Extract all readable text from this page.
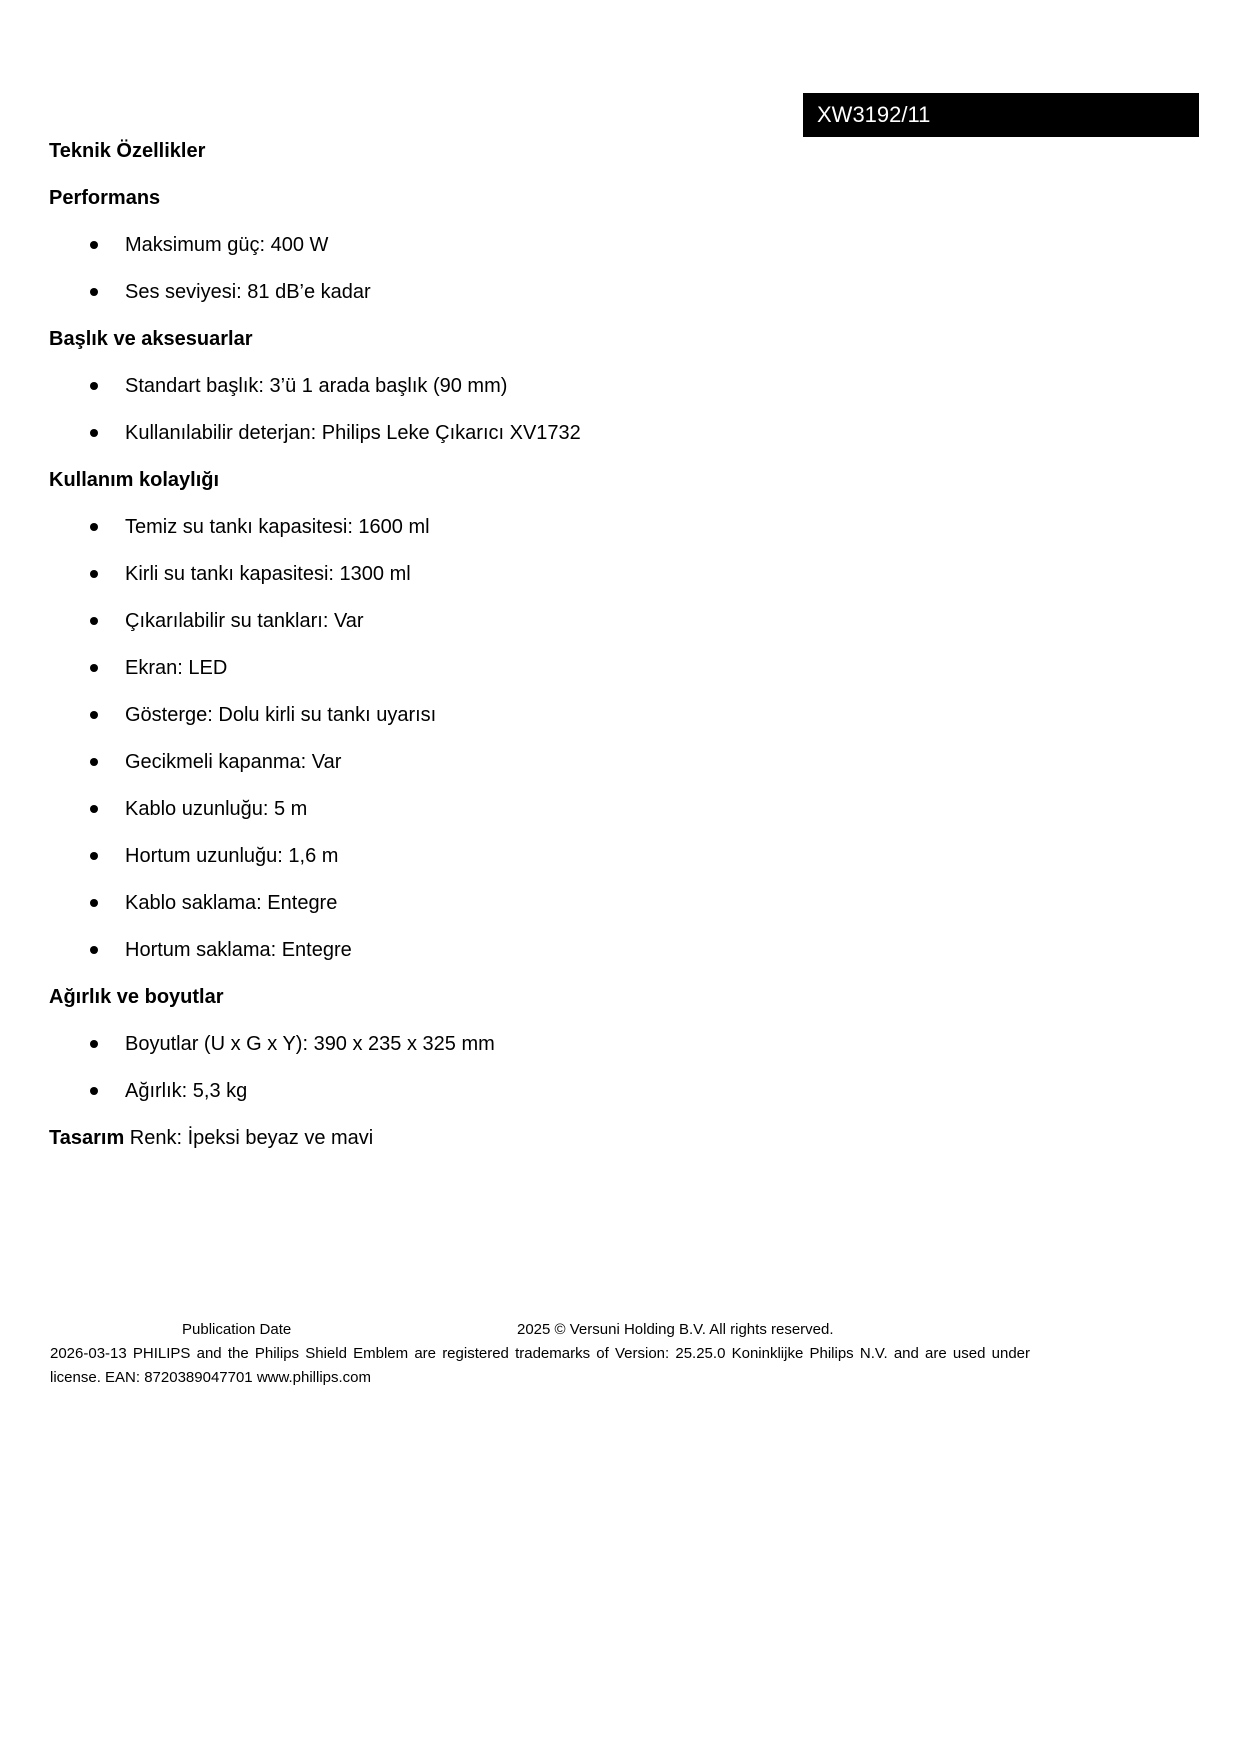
XW3192/11
Teknik Özellikler
Performans
Maksimum güç: 400 W
Ses seviyesi: 81 dB’e kadar
Başlık ve aksesuarlar
Standart başlık: 3’ü 1 arada başlık (90 mm)
Kullanılabilir deterjan: Philips Leke Çıkarıcı XV1732
Kullanım kolaylığı
Temiz su tankı kapasitesi: 1600 ml
Kirli su tankı kapasitesi: 1300 ml
Çıkarılabilir su tankları: Var
Ekran: LED
Gösterge: Dolu kirli su tankı uyarısı
Gecikmeli kapanma: Var
Kablo uzunluğu: 5 m
Hortum uzunluğu: 1,6 m
Kablo saklama: Entegre
Hortum saklama: Entegre
Ağırlık ve boyutlar
Boyutlar (U x G x Y): 390 x 235 x 325 mm
Ağırlık: 5,3 kg
Tasarım Renk: İpeksi beyaz ve mavi
Publication Date	2025 © Versuni Holding B.V. All rights reserved.
2026-03-13 PHILIPS and the Philips Shield Emblem are registered trademarks of Version: 25.25.0 Koninklijke Philips N.V. and are used under license. EAN: 8720389047701 www.phillips.com
